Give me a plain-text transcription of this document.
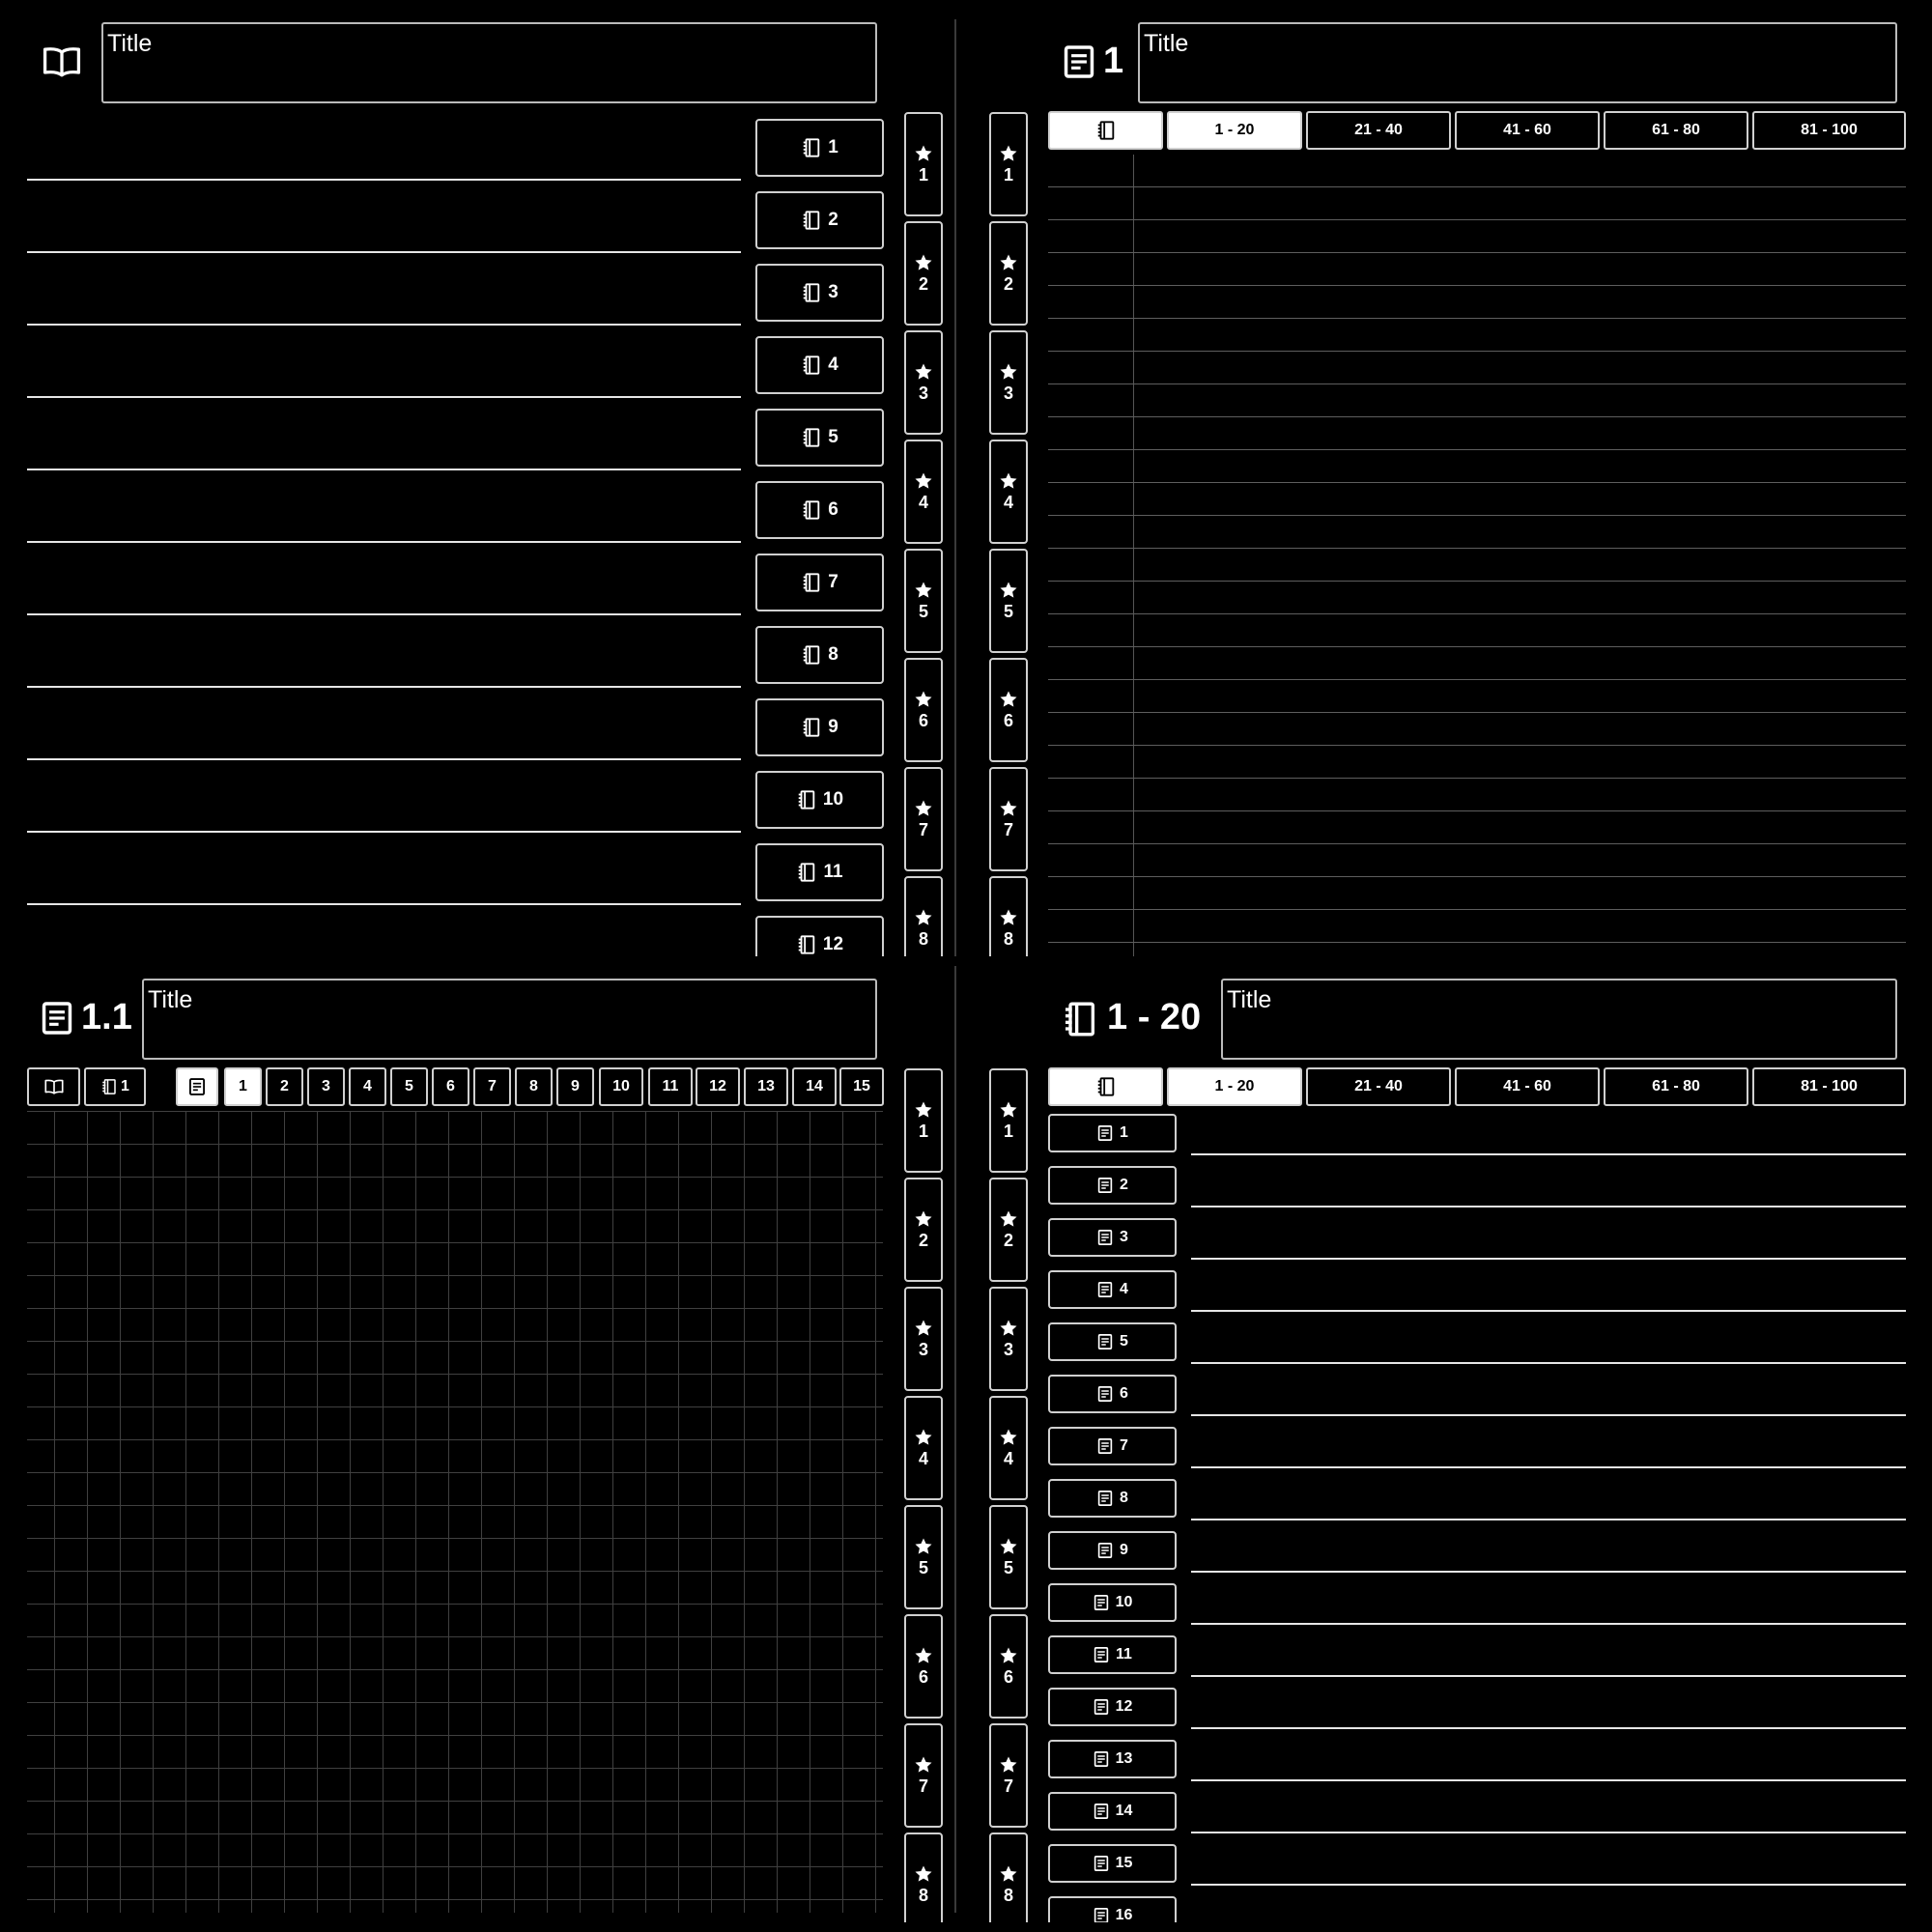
Title
1
2
3
4
5
6
7
8
9
10
11
12
1
2
3
4
5
6
7
8
1
2
3
4
5
6
7
8
1 Title
1 - 20	21 - 40	41 - 60	61 - 80	81 - 100
1.1 Title
1	1 2 3 4 5 6 7 8 9 10 11 12 13 14 15
1
2
3
4
5
6
7
8
1
2
3
4
5
6
7
8
1 - 20 Title
1 - 20	21 - 40	41 - 60	61 - 80	81 - 100
1
2
3
4
5
6
7
8
9
10
11
12
13
14
15
16
